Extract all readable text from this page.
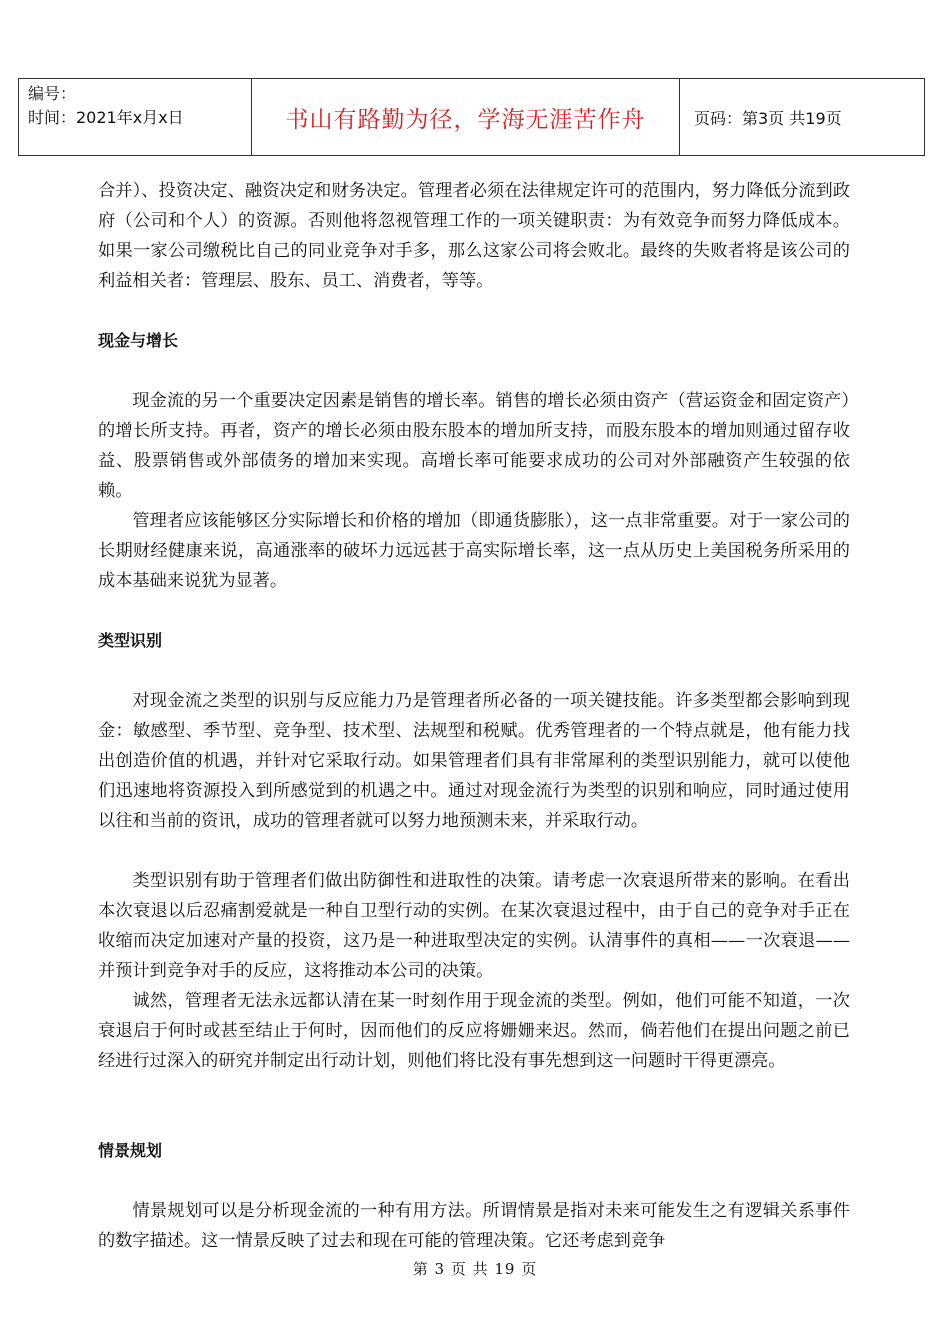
编号：
时间：2021年x月x日	书山有路勤为径，学海无涯苦作舟	页码：第3页 共19页

合并）、投资决定、融资决定和财务决定。管理者必须在法律规定许可的范围内，努力降低分流到政府（公司和个人）的资源。否则他将忽视管理工作的一项关键职责：为有效竞争而努力降低成本。如果一家公司缴税比自己的同业竞争对手多，那么这家公司将会败北。最终的失败者将是该公司的利益相关者：管理层、股东、员工、消费者，等等。

现金与增长

现金流的另一个重要决定因素是销售的增长率。销售的增长必须由资产（营运资金和固定资产）的增长所支持。再者，资产的增长必须由股东股本的增加所支持，而股东股本的增加则通过留存收益、股票销售或外部债务的增加来实现。高增长率可能要求成功的公司对外部融资产生较强的依赖。

管理者应该能够区分实际增长和价格的增加（即通货膨胀），这一点非常重要。对于一家公司的长期财经健康来说，高通涨率的破坏力远远甚于高实际增长率，这一点从历史上美国税务所采用的成本基础来说犹为显著。

类型识别

对现金流之类型的识别与反应能力乃是管理者所必备的一项关键技能。许多类型都会影响到现金：敏感型、季节型、竞争型、技术型、法规型和税赋。优秀管理者的一个特点就是，他有能力找出创造价值的机遇，并针对它采取行动。如果管理者们具有非常犀利的类型识别能力，就可以使他们迅速地将资源投入到所感觉到的机遇之中。通过对现金流行为类型的识别和响应，同时通过使用以往和当前的资讯，成功的管理者就可以努力地预测未来，并采取行动。

类型识别有助于管理者们做出防御性和进取性的决策。请考虑一次衰退所带来的影响。在看出本次衰退以后忍痛割爱就是一种自卫型行动的实例。在某次衰退过程中，由于自己的竞争对手正在收缩而决定加速对产量的投资，这乃是一种进取型决定的实例。认清事件的真相——一次衰退——并预计到竞争对手的反应，这将推动本公司的决策。

诚然，管理者无法永远都认清在某一时刻作用于现金流的类型。例如，他们可能不知道，一次衰退启于何时或甚至结止于何时，因而他们的反应将姗姗来迟。然而，倘若他们在提出问题之前已经进行过深入的研究并制定出行动计划，则他们将比没有事先想到这一问题时干得更漂亮。

情景规划

情景规划可以是分析现金流的一种有用方法。所谓情景是指对未来可能发生之有逻辑关系事件的数字描述。这一情景反映了过去和现在可能的管理决策。它还考虑到竞争

第 3 页 共 19 页
